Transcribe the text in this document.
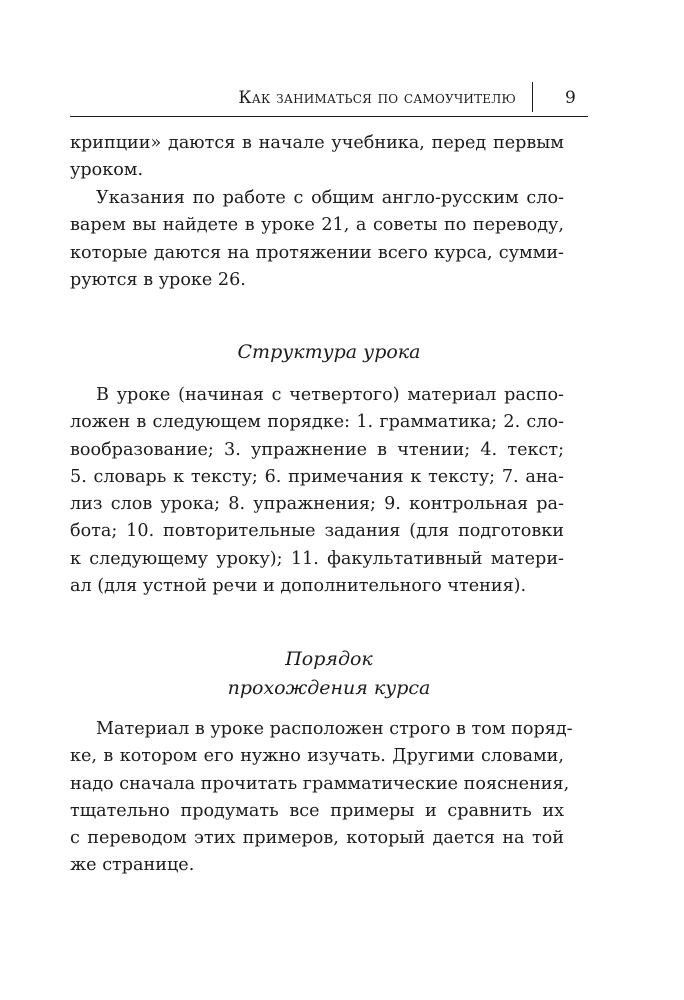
Как заниматься по самоучителю	9
крипции» даются в начале учебника, перед первым
уроком.
Указания по работе с общим англо-русским сло-
варем вы найдете в уроке 21, а советы по переводу,
которые даются на протяжении всего курса, сумми-
руются в уроке 26.
Структура урока
В уроке (начиная с четвертого) материал распо-
ложен в следующем порядке: 1. грамматика; 2. сло-
вообразование; 3. упражнение в чтении; 4. текст;
5. словарь к тексту; 6. примечания к тексту; 7. ана-
лиз слов урока; 8. упражнения; 9. контрольная ра-
бота; 10. повторительные задания (для подготовки
к следующему уроку); 11. факультативный матери-
ал (для устной речи и дополнительного чтения).
Порядок
прохождения курса
Материал в уроке расположен строго в том поряд-
ке, в котором его нужно изучать. Другими словами,
надо сначала прочитать грамматические пояснения,
тщательно продумать все примеры и сравнить их
с переводом этих примеров, который дается на той
же странице.
